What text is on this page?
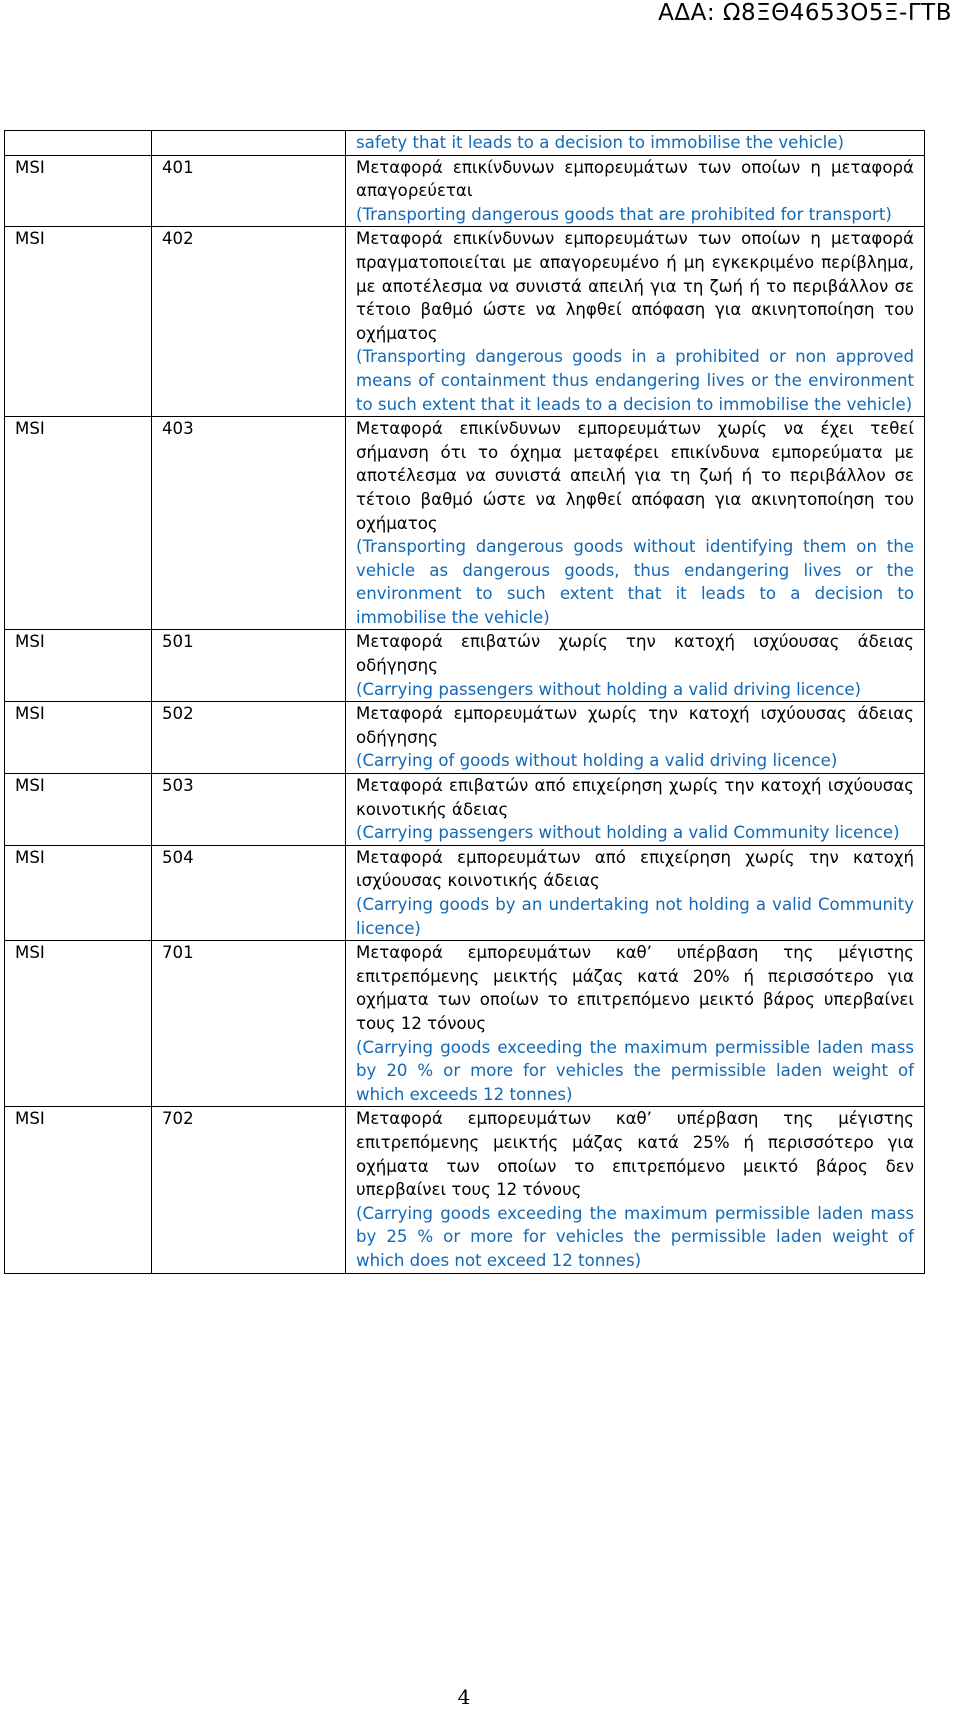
ΑΔΑ: Ω8ΞΘ4653Ο5Ξ-ΓΤΒ

		safety that it leads to a decision to immobilise the vehicle)

MSI	401	Μεταφορά επικίνδυνων εμπορευμάτων των οποίων η μεταφορά απαγορεύεται
(Transporting dangerous goods that are prohibited for transport)

MSI	402	Μεταφορά επικίνδυνων εμπορευμάτων των οποίων η μεταφορά πραγματοποιείται με απαγορευμένο ή μη εγκεκριμένο περίβλημα, με αποτέλεσμα να συνιστά απειλή για τη ζωή ή το περιβάλλον σε τέτοιο βαθμό ώστε να ληφθεί απόφαση για ακινητοποίηση του οχήματος
(Transporting dangerous goods in a prohibited or non approved means of containment thus endangering lives or the environment to such extent that it leads to a decision to immobilise the vehicle)

MSI	403	Μεταφορά επικίνδυνων εμπορευμάτων χωρίς να έχει τεθεί σήμανση ότι το όχημα μεταφέρει επικίνδυνα εμπορεύματα με αποτέλεσμα να συνιστά απειλή για τη ζωή ή το περιβάλλον σε τέτοιο βαθμό ώστε να ληφθεί απόφαση για ακινητοποίηση του οχήματος
(Transporting dangerous goods without identifying them on the vehicle as dangerous goods, thus endangering lives or the environment to such extent that it leads to a decision to immobilise the vehicle)

MSI	501	Μεταφορά επιβατών χωρίς την κατοχή ισχύουσας άδειας οδήγησης
(Carrying passengers without holding a valid driving licence)

MSI	502	Μεταφορά εμπορευμάτων χωρίς την κατοχή ισχύουσας άδειας οδήγησης
(Carrying of goods without holding a valid driving licence)

MSI	503	Μεταφορά επιβατών από επιχείρηση χωρίς την κατοχή ισχύουσας κοινοτικής άδειας
(Carrying passengers without holding a valid Community licence)

MSI	504	Μεταφορά εμπορευμάτων από επιχείρηση χωρίς την κατοχή ισχύουσας κοινοτικής άδειας
(Carrying goods by an undertaking not holding a valid Community licence)

MSI	701	Μεταφορά εμπορευμάτων καθ’ υπέρβαση της μέγιστης επιτρεπόμενης μεικτής μάζας κατά 20% ή περισσότερο για οχήματα των οποίων το επιτρεπόμενο μεικτό βάρος υπερβαίνει τους 12 τόνους
(Carrying goods exceeding the maximum permissible laden mass by 20 % or more for vehicles the permissible laden weight of which exceeds 12 tonnes)

MSI	702	Μεταφορά εμπορευμάτων καθ’ υπέρβαση της μέγιστης επιτρεπόμενης μεικτής μάζας κατά 25% ή περισσότερο για οχήματα των οποίων το επιτρεπόμενο μεικτό βάρος δεν υπερβαίνει τους 12 τόνους
(Carrying goods exceeding the maximum permissible laden mass by 25 % or more for vehicles the permissible laden weight of which does not exceed 12 tonnes)
4
